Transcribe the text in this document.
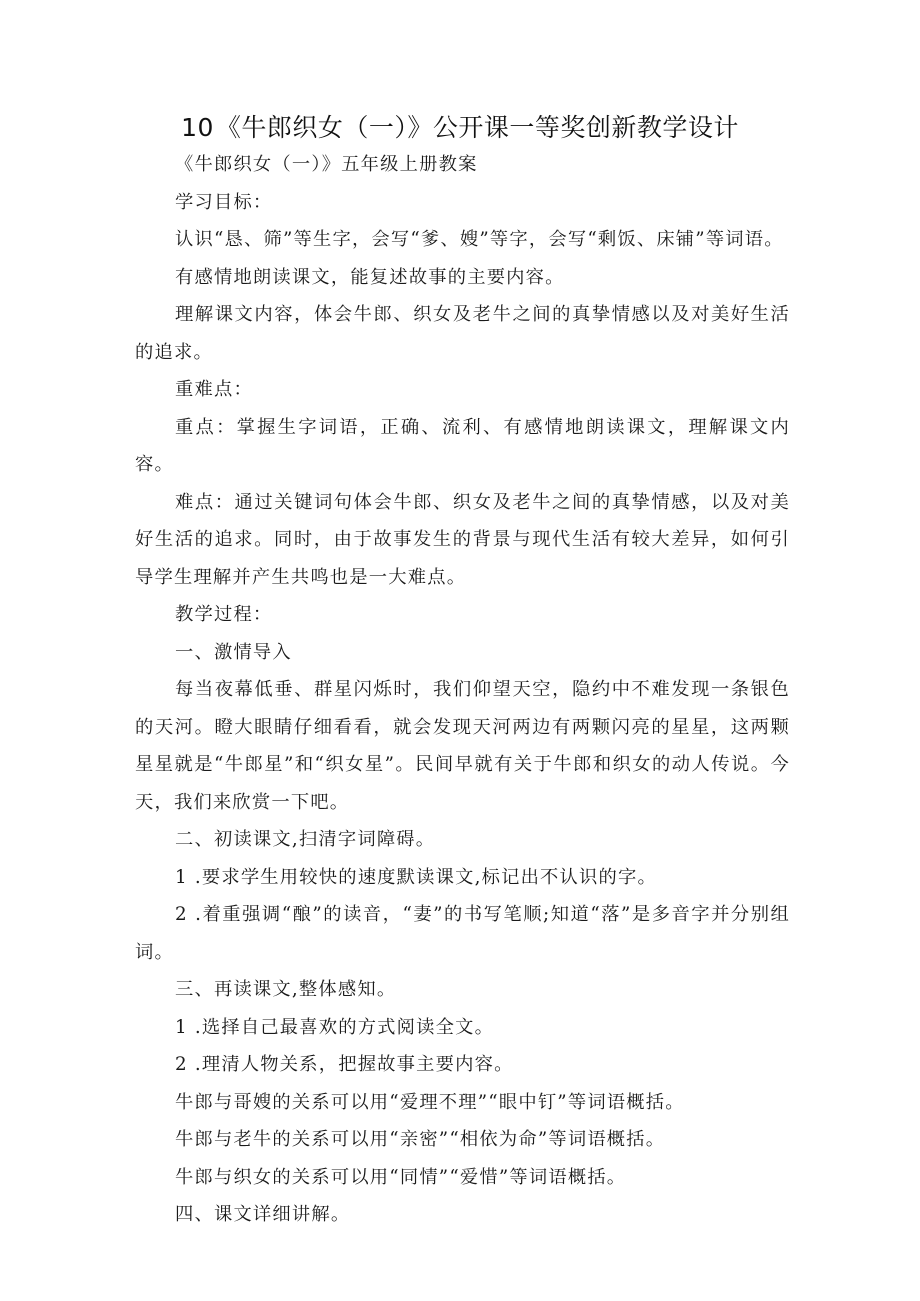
10《牛郎织女（一）》公开课一等奖创新教学设计

《牛郎织女（一）》五年级上册教案

学习目标：

认识“恳、筛”等生字，会写“爹、嫂”等字，会写“剩饭、床铺”等词语。

有感情地朗读课文，能复述故事的主要内容。

理解课文内容，体会牛郎、织女及老牛之间的真挚情感以及对美好生活的追求。

重难点：

重点：掌握生字词语，正确、流利、有感情地朗读课文，理解课文内容。

难点：通过关键词句体会牛郎、织女及老牛之间的真挚情感，以及对美好生活的追求。同时，由于故事发生的背景与现代生活有较大差异，如何引导学生理解并产生共鸣也是一大难点。

教学过程：

一、激情导入

每当夜幕低垂、群星闪烁时，我们仰望天空，隐约中不难发现一条银色的天河。瞪大眼睛仔细看看，就会发现天河两边有两颗闪亮的星星，这两颗星星就是“牛郎星”和“织女星”。民间早就有关于牛郎和织女的动人传说。今天，我们来欣赏一下吧。

二、初读课文,扫清字词障碍。

1 .要求学生用较快的速度默读课文,标记出不认识的字。

2 .着重强调“酿”的读音，“妻”的书写笔顺;知道“落”是多音字并分别组词。

三、再读课文,整体感知。

1 .选择自己最喜欢的方式阅读全文。

2 .理清人物关系，把握故事主要内容。

牛郎与哥嫂的关系可以用“爱理不理”“眼中钉”等词语概括。

牛郎与老牛的关系可以用“亲密”“相依为命”等词语概括。

牛郎与织女的关系可以用“同情”“爱惜”等词语概括。

四、课文详细讲解。
